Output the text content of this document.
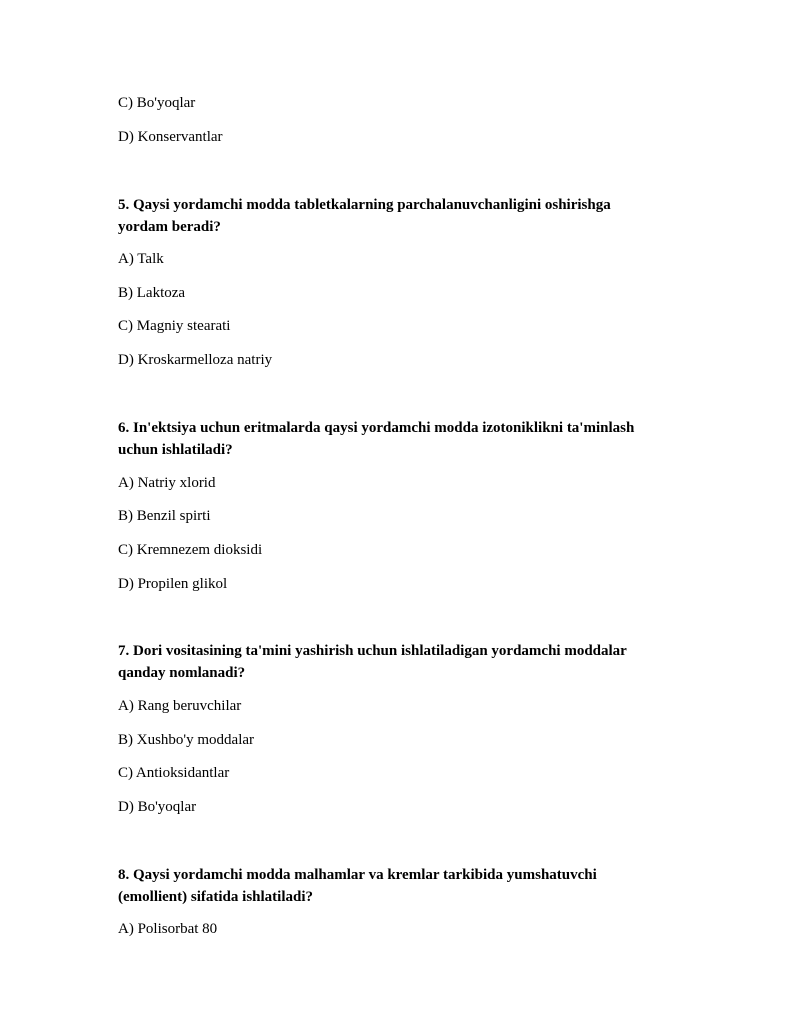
C) Bo'yoqlar
D) Konservantlar
5. Qaysi yordamchi modda tabletkalarning parchalanuvchanligini oshirishga
yordam beradi?
A) Talk
B) Laktoza
C) Magniy stearati
D) Kroskarmelloza natriy
6. In'ektsiya uchun eritmalarda qaysi yordamchi modda izotoniklikni ta'minlash
uchun ishlatiladi?
A) Natriy xlorid
B) Benzil spirti
C) Kremnezem dioksidi
D) Propilen glikol
7. Dori vositasining ta'mini yashirish uchun ishlatiladigan yordamchi moddalar
qanday nomlanadi?
A) Rang beruvchilar
B) Xushbo'y moddalar
C) Antioksidantlar
D) Bo'yoqlar
8. Qaysi yordamchi modda malhamlar va kremlar tarkibida yumshatuvchi
(emollient) sifatida ishlatiladi?
A) Polisorbat 80
